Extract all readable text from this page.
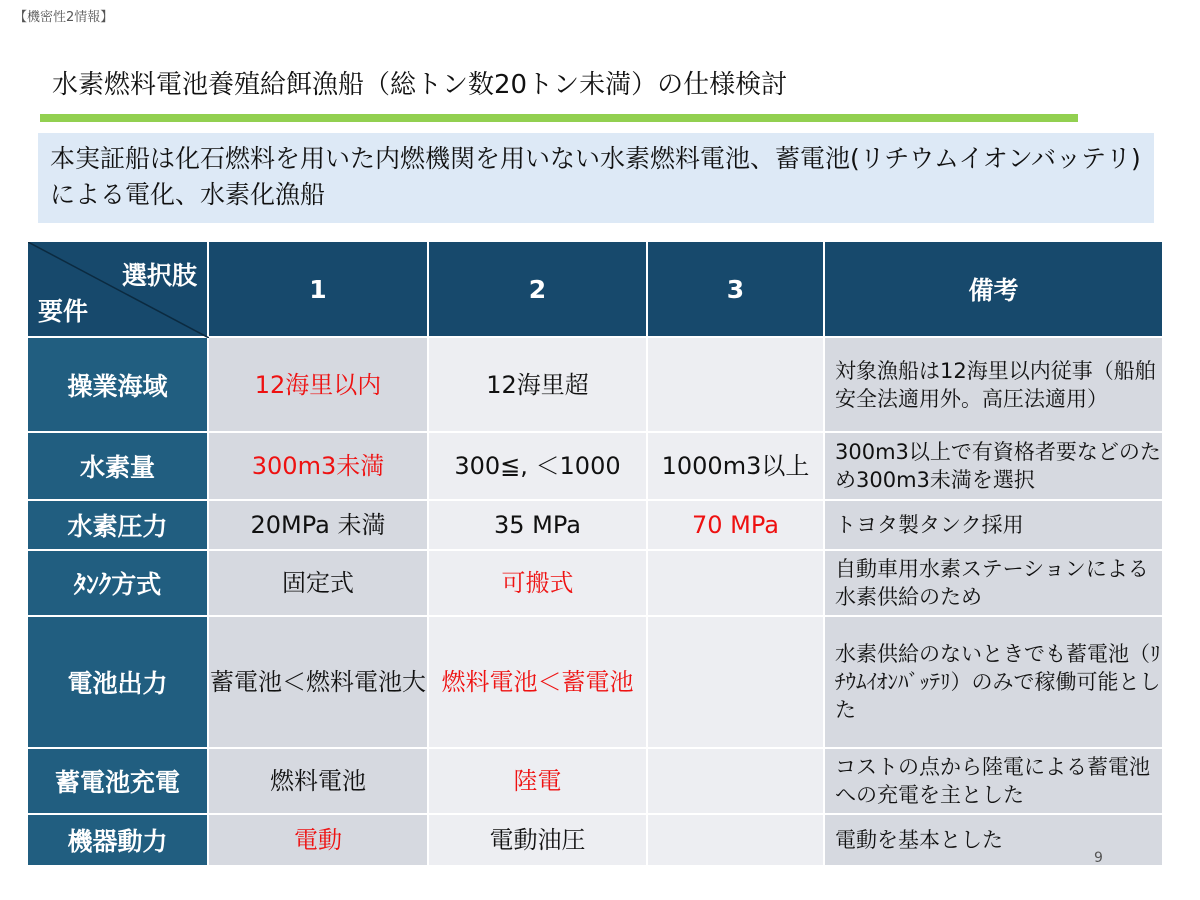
【機密性2情報】
水素燃料電池養殖給餌漁船（総トン数20トン未満）の仕様検討
本実証船は化石燃料を用いた内燃機関を用いない水素燃料電池、蓄電池(リチウムイオンバッテリ)による電化、水素化漁船
選択肢
要件	1	2	3	備考
操業海域	12海里以内	12海里超		対象漁船は12海里以内従事（船舶安全法適用外。高圧法適用）
水素量	300m3未満	300≦, ＜1000	1000m3以上	300m3以上で有資格者要などのため300m3未満を選択
水素圧力	20MPa 未満	35 MPa	70 MPa	トヨタ製タンク採用
ﾀﾝｸ方式	固定式	可搬式		自動車用水素ステーションによる水素供給のため
電池出力	蓄電池＜燃料電池大	燃料電池＜蓄電池		水素供給のないときでも蓄電池（ﾘﾁｳﾑｲｵﾝﾊﾞｯﾃﾘ）のみで稼働可能とした
蓄電池充電	燃料電池	陸電		コストの点から陸電による蓄電池への充電を主とした
機器動力	電動	電動油圧		電動を基本とした
9
